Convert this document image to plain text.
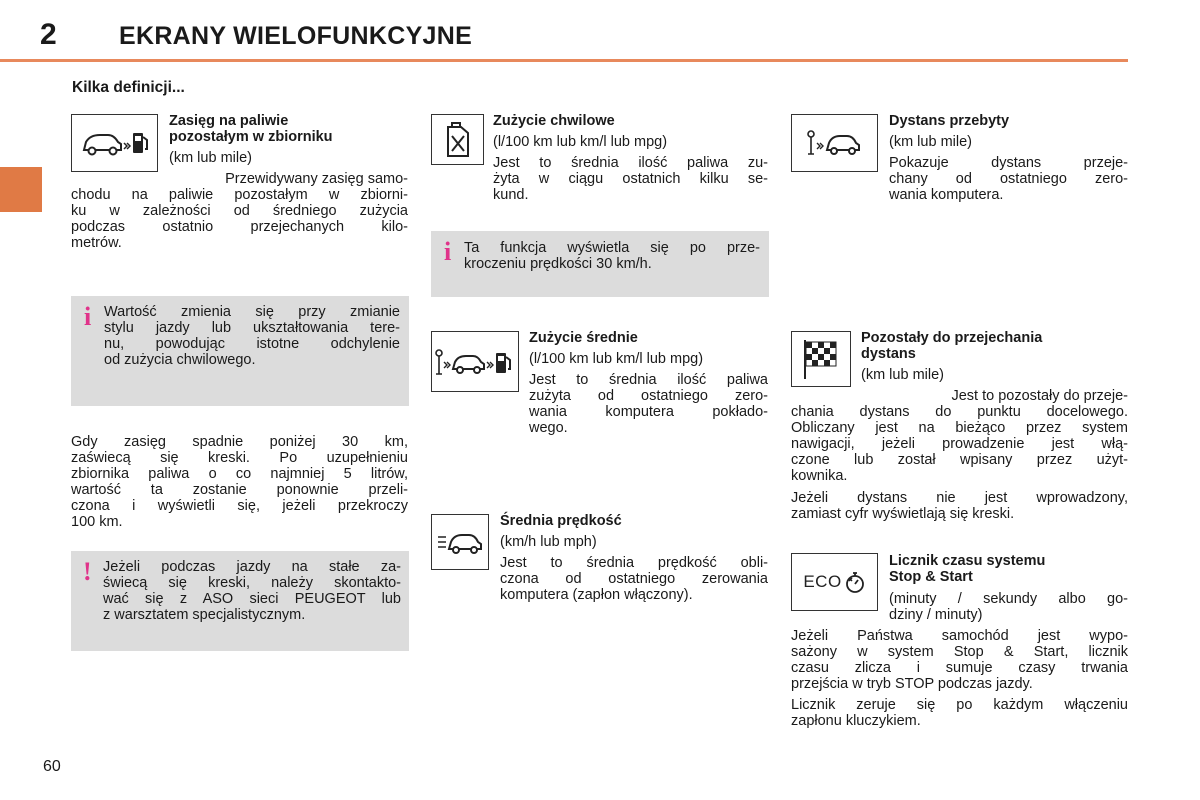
2 EKRANY WIELOFUNKCYJNE
Kilka definicji...
Zasięg na paliwie
pozostałym w zbiorniku
(km lub mile)
Przewidywany zasięg samo-
chodu na paliwie pozostałym w zbiorni-
ku w zależności od średniego zużycia
podczas ostatnio przejechanych kilo-
metrów.
i Wartość zmienia się przy zmianie
stylu jazdy lub ukształtowania tere-
nu, powodując istotne odchylenie
od zużycia chwilowego.
Gdy zasięg spadnie poniżej 30 km,
zaświecą się kreski. Po uzupełnieniu
zbiornika paliwa o co najmniej 5 litrów,
wartość ta zostanie ponownie przeli-
czona i wyświetli się, jeżeli przekroczy
100 km.
! Jeżeli podczas jazdy na stałe za-
świecą się kreski, należy skontakto-
wać się z ASO sieci PEUGEOT lub
z warsztatem specjalistycznym.
Zużycie chwilowe
(l/100 km lub km/l lub mpg)
Jest to średnia ilość paliwa zu-
żyta w ciągu ostatnich kilku se-
kund.
i Ta funkcja wyświetla się po prze-
kroczeniu prędkości 30 km/h.
Zużycie średnie
(l/100 km lub km/l lub mpg)
Jest to średnia ilość paliwa
zużyta od ostatniego zero-
wania komputera pokłado-
wego.
Średnia prędkość
(km/h lub mph)
Jest to średnia prędkość obli-
czona od ostatniego zerowania
komputera (zapłon włączony).
Dystans przebyty
(km lub mile)
Pokazuje dystans przeje-
chany od ostatniego zero-
wania komputera.
Pozostały do przejechania
dystans
(km lub mile)
Jest to pozostały do przeje-
chania dystans do punktu docelowego.
Obliczany jest na bieżąco przez system
nawigacji, jeżeli prowadzenie jest włą-
czone lub został wpisany przez użyt-
kownika.
Jeżeli dystans nie jest wprowadzony,
zamiast cyfr wyświetlają się kreski.
ECO
Licznik czasu systemu
Stop & Start
(minuty / sekundy albo go-
dziny / minuty)
Jeżeli Państwa samochód jest wypo-
sażony w system Stop & Start, licznik
czasu zlicza i sumuje czasy trwania
przejścia w tryb STOP podczas jazdy.
Licznik zeruje się po każdym włączeniu
zapłonu kluczykiem.
60
